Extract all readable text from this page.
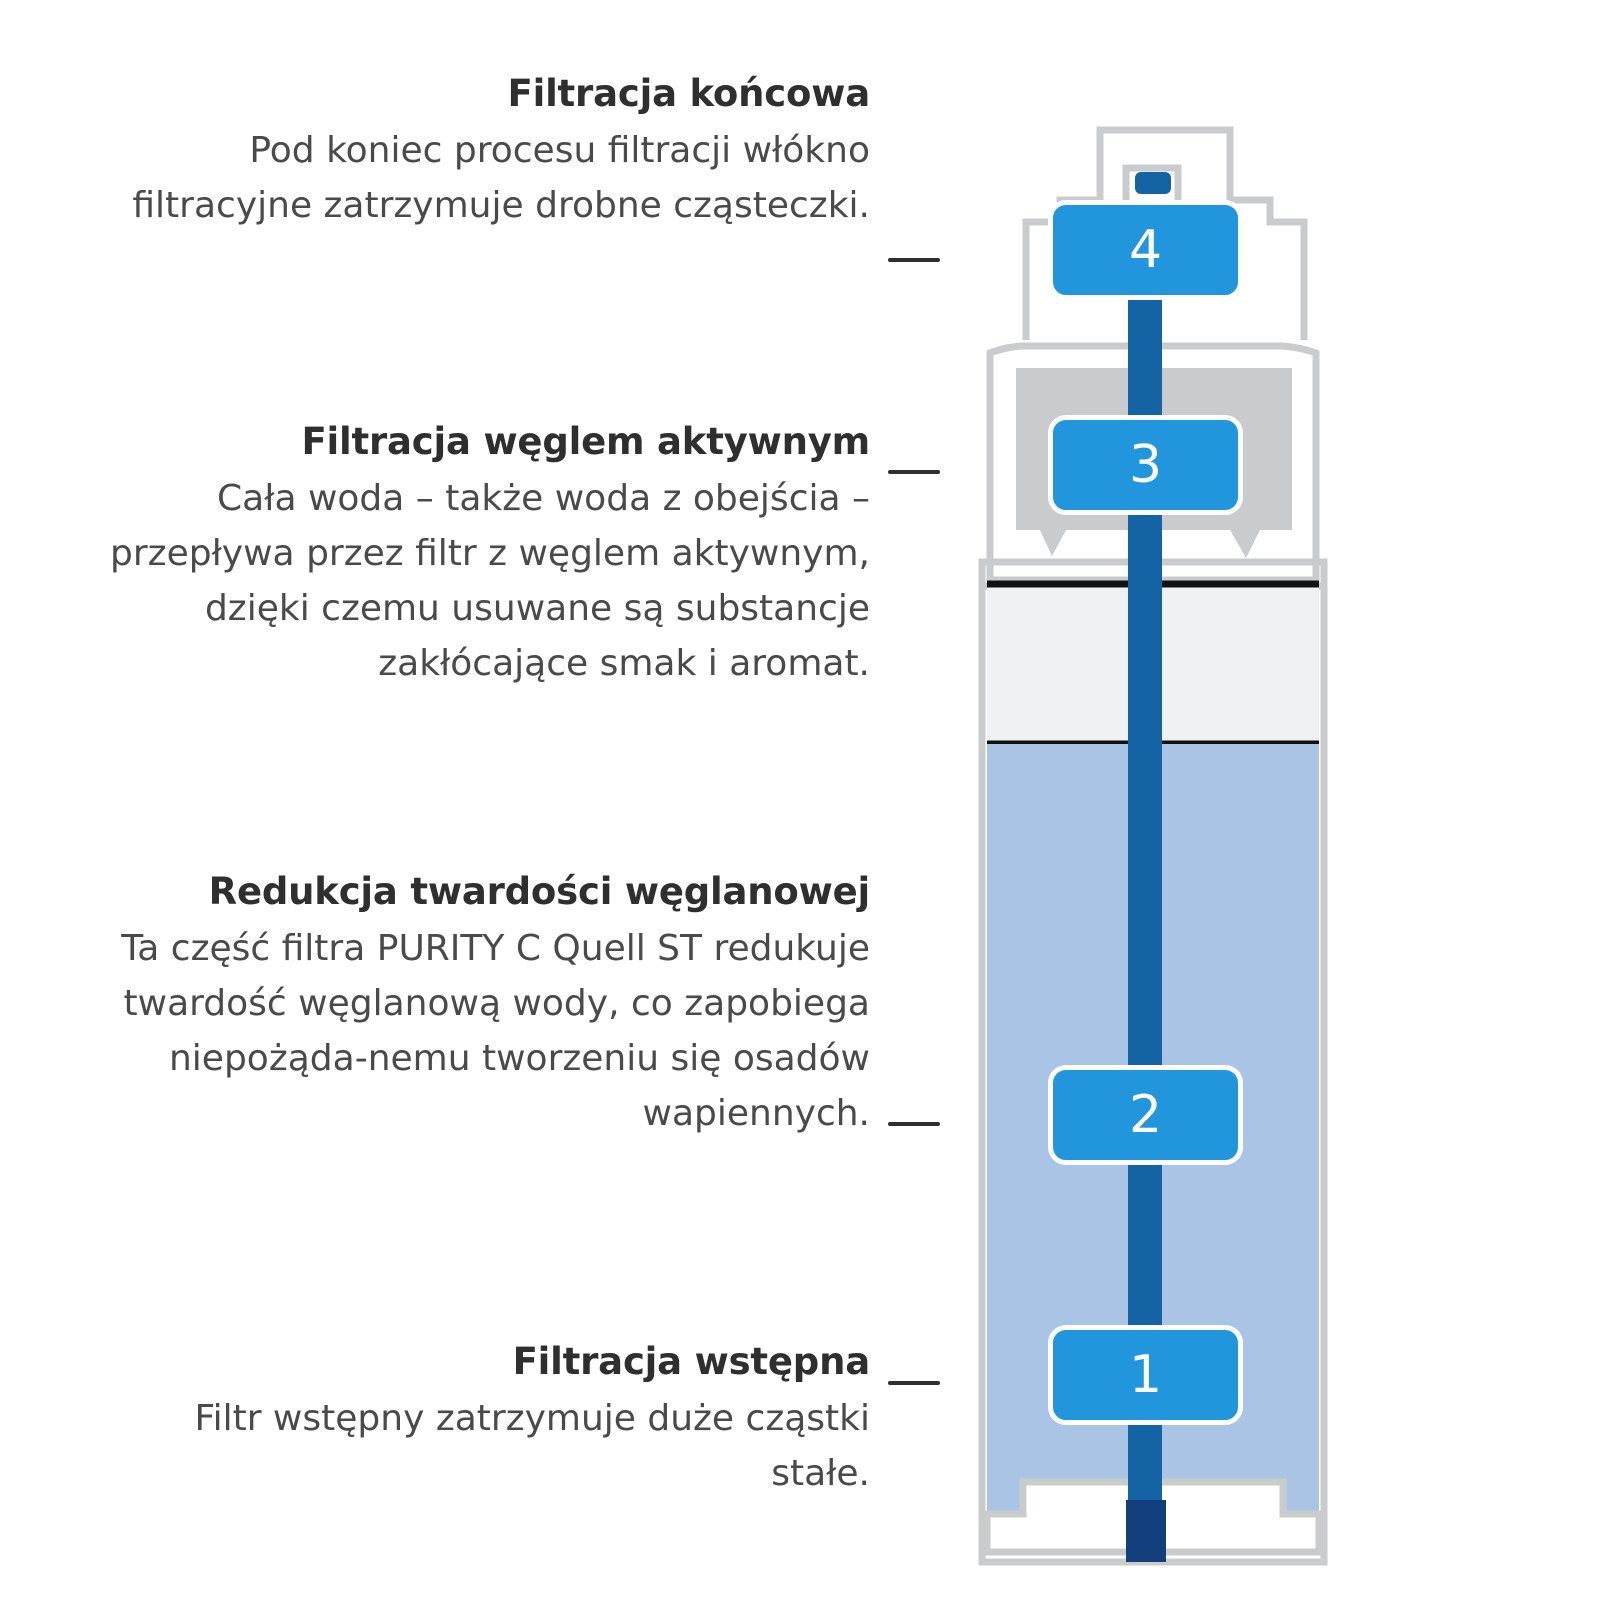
Filtracja końcowa

Pod koniec procesu filtracji włókno filtracyjne zatrzymuje drobne cząsteczki.

Filtracja węglem aktywnym

Cała woda – także woda z obejścia – przepływa przez filtr z węglem aktywnym, dzięki czemu usuwane są substancje zakłócające smak i aromat.

Redukcja twardości węglanowej

Ta część filtra PURITY C Quell ST redukuje twardość węglanową wody, co zapobiega niepożąda-nemu tworzeniu się osadów wapiennych.

Filtracja wstępna

Filtr wstępny zatrzymuje duże cząstki stałe.

4
3
2
1
